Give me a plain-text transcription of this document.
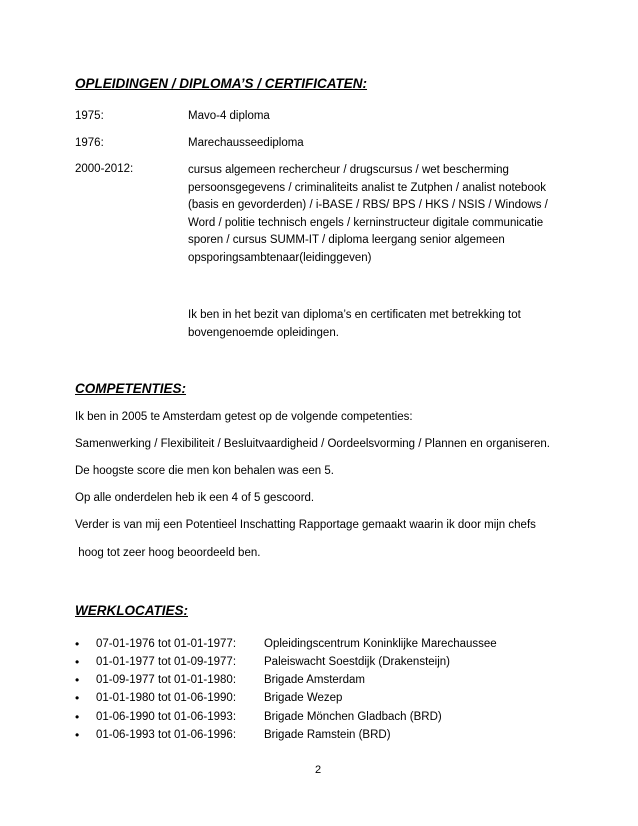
OPLEIDINGEN / DIPLOMA’S / CERTIFICATEN:
1975:	Mavo-4 diploma
1976:	Marechausseediploma
2000-2012:	cursus algemeen rechercheur / drugscursus / wet bescherming
persoonsgegevens / criminaliteits analist te Zutphen / analist notebook
(basis en gevorderden) / i-BASE / RBS/ BPS / HKS / NSIS / Windows /
Word / politie technisch engels / kerninstructeur digitale communicatie
sporen / cursus SUMM-IT / diploma leergang senior algemeen
opsporingsambtenaar(leidinggeven)
Ik ben in het bezit van diploma’s en certificaten met betrekking tot
bovengenoemde opleidingen.
COMPETENTIES:
Ik ben in 2005 te Amsterdam getest op de volgende competenties:
Samenwerking / Flexibiliteit / Besluitvaardigheid / Oordeelsvorming / Plannen en organiseren.
De hoogste score die men kon behalen was een 5.
Op alle onderdelen heb ik een 4 of 5 gescoord.
Verder is van mij een Potentieel Inschatting Rapportage gemaakt waarin ik door mijn chefs
hoog tot zeer hoog beoordeeld ben.
WERKLOCATIES:
• 07-01-1976 tot 01-01-1977: Opleidingscentrum Koninklijke Marechaussee
• 01-01-1977 tot 01-09-1977: Paleiswacht Soestdijk (Drakensteijn)
• 01-09-1977 tot 01-01-1980: Brigade Amsterdam
• 01-01-1980 tot 01-06-1990: Brigade Wezep
• 01-06-1990 tot 01-06-1993: Brigade Mönchen Gladbach (BRD)
• 01-06-1993 tot 01-06-1996: Brigade Ramstein (BRD)
2
